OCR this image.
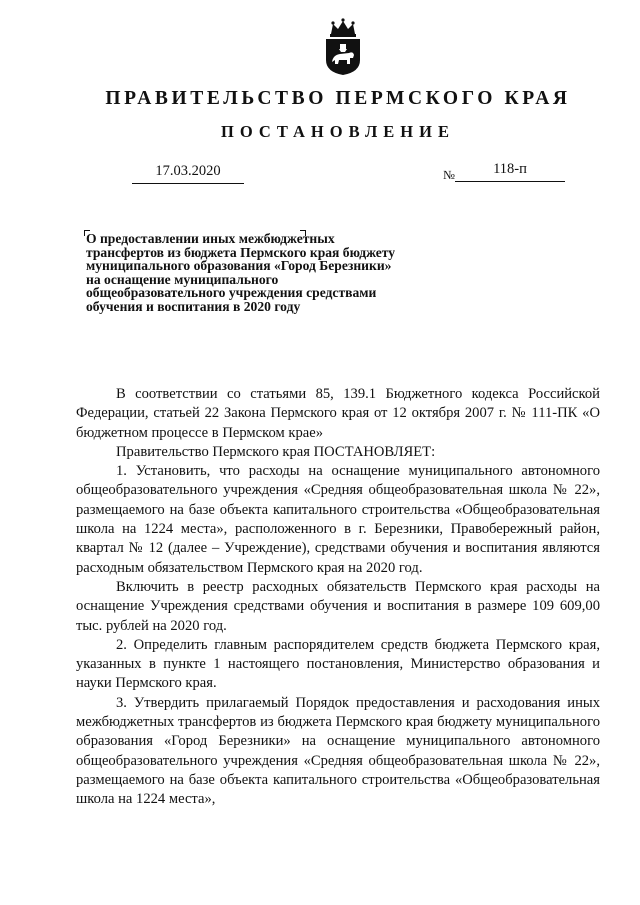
ПРАВИТЕЛЬСТВО ПЕРМСКОГО КРАЯ
ПОСТАНОВЛЕНИЕ
17.03.2020	№	118-п
О предоставлении иных межбюджетных трансфертов из бюджета Пермского края бюджету муниципального образования «Город Березники» на оснащение муниципального общеобразовательного учреждения средствами обучения и воспитания в 2020 году

В соответствии со статьями 85, 139.1 Бюджетного кодекса Российской Федерации, статьей 22 Закона Пермского края от 12 октября 2007 г. № 111-ПК «О бюджетном процессе в Пермском крае»

Правительство Пермского края ПОСТАНОВЛЯЕТ:

1. Установить, что расходы на оснащение муниципального автономного общеобразовательного учреждения «Средняя общеобразовательная школа № 22», размещаемого на базе объекта капитального строительства «Общеобразовательная школа на 1224 места», расположенного в г. Березники, Правобережный район, квартал № 12 (далее – Учреждение), средствами обучения и воспитания являются расходным обязательством Пермского края на 2020 год.

Включить в реестр расходных обязательств Пермского края расходы на оснащение Учреждения средствами обучения и воспитания в размере 109 609,00 тыс. рублей на 2020 год.

2. Определить главным распорядителем средств бюджета Пермского края, указанных в пункте 1 настоящего постановления, Министерство образования и науки Пермского края.

3. Утвердить прилагаемый Порядок предоставления и расходования иных межбюджетных трансфертов из бюджета Пермского края бюджету муниципального образования «Город Березники» на оснащение муниципального автономного общеобразовательного учреждения «Средняя общеобразовательная школа № 22», размещаемого на базе объекта капитального строительства «Общеобразовательная школа на 1224 места»,
